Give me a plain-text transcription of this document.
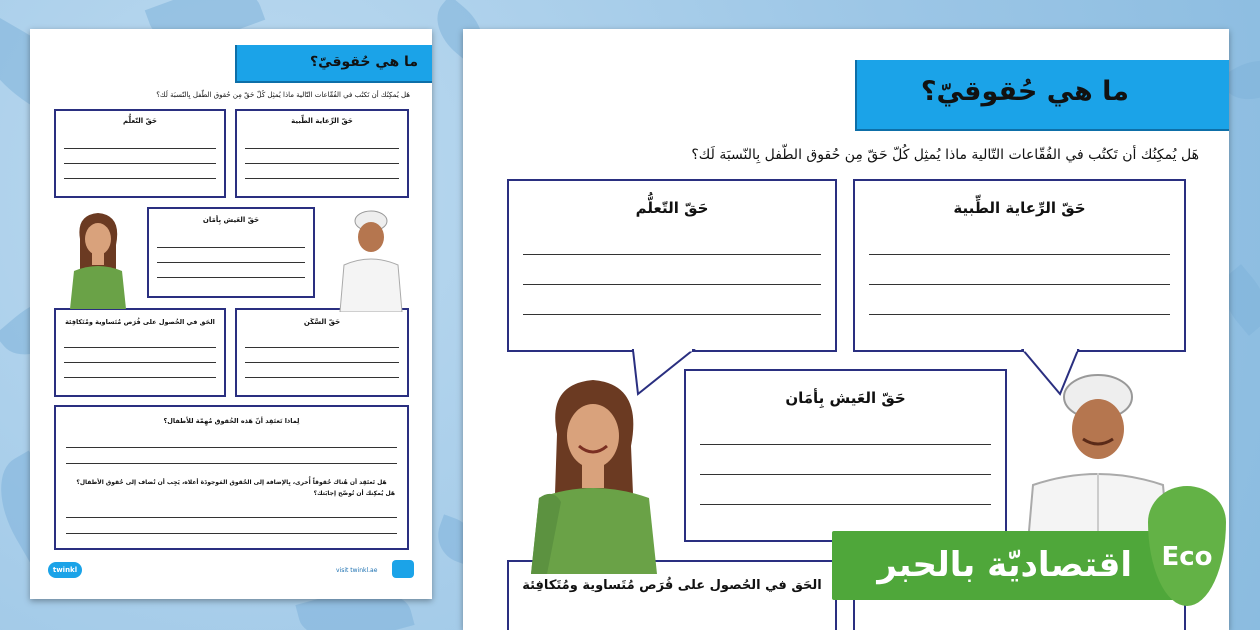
ما هي حُقوقيّ؟
هَل يُمكِنُك أن تَكتُب في الفُقّاعات التّالية ماذا يُمثِل كُلّ حَقّ مِن حُقوق الطّفل بِالنّسبَة لَك؟
حَقّ التّعلُّم	حَقّ الرِّعاية الطِّبية
حَقّ العَيش بِأمَان
الحَق في الحُصول على فُرَص مُتَساوية ومُتَكافِئة	حَقّ السَّكَن
لِماذا تَعتَقِد أنّ هَذه الحُقوق مُهِمّة للأطفال؟
هَل تَعتَقِد أن هُناك حُقوقاً أُخرى، بِالإضافة إلى الحُقوق المَوجودَة أعلاه، يَجِب أن تُضاف إلى حُقوق الأطفال؟
هَل يُمكِنك أن تُوضّح إجابَتك؟
twinkl	visit twinkl.ae
ما هي حُقوقيّ؟
هَل يُمكِنُك أن تَكتُب في الفُقّاعات التّالية ماذا يُمثِل كُلّ حَقّ مِن حُقوق الطّفل بِالنّسبَة لَك؟
حَقّ التّعلُّم	حَقّ الرِّعاية الطِّبية
حَقّ العَيش بِأمَان
الحَق في الحُصول على فُرَص مُتَساوية ومُتَكافِئة
اقتصاديّة بالحبر	Eco
